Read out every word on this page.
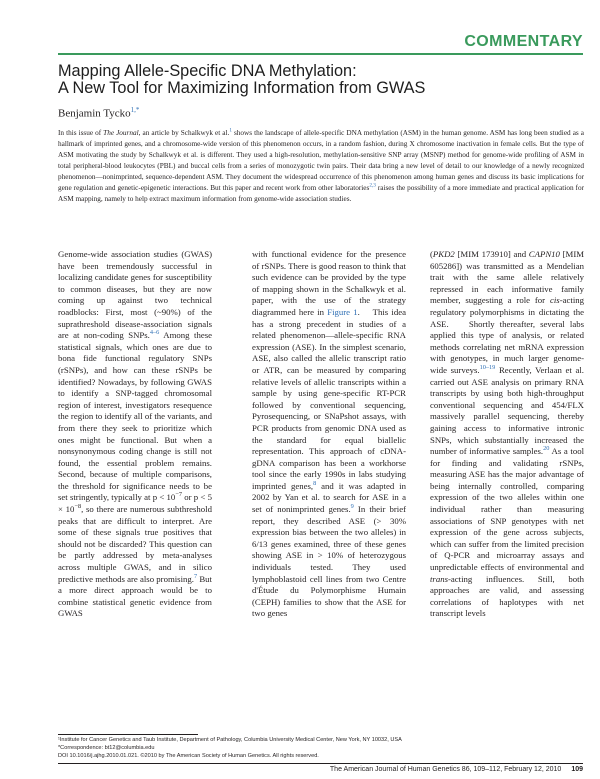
COMMENTARY
Mapping Allele-Specific DNA Methylation:
A New Tool for Maximizing Information from GWAS
Benjamin Tycko$^{1,*}$

In this issue of The Journal, an article by Schalkwyk et al.$^1$ shows the landscape of allele-specific DNA methylation (ASM) in the human genome. ASM has long been studied as a hallmark of imprinted genes, and a chromosome-wide version of this phenomenon occurs, in a random fashion, during X chromosome inactivation in female cells. But the type of ASM motivating the study by Schalkwyk et al. is different. They used a high-resolution, methylation-sensitive SNP array (MSNP) method for genome-wide profiling of ASM in total peripheral-blood leukocytes (PBL) and buccal cells from a series of monozygotic twin pairs. Their data bring a new level of detail to our knowledge of a newly recognized phenomenon—nonimprinted, sequence-dependent ASM. They document the widespread occurrence of this phenomenon among human genes and discuss its basic implications for gene regulation and genetic-epigenetic interactions. But this paper and recent work from other laboratories$^{2,3}$ raises the possibility of a more immediate and practical application for ASM mapping, namely to help extract maximum information from genome-wide association studies.

Genome-wide association studies (GWAS) have been tremendously successful in localizing candidate genes for susceptibility to common diseases, but they are now coming up against two technical roadblocks: First, most (~90%) of the suprathreshold disease-association signals are at non-coding SNPs.$^{4-6}$ Among these statistical signals, which ones are due to bona fide functional regulatory SNPs (rSNPs), and how can these rSNPs be identified? Nowadays, by following GWAS to identify a SNP-tagged chromosomal region of interest, investigators resequence the region to identify all of the variants, and from there they seek to prioritize which ones might be functional. But when a nonsynonymous coding change is still not found, the essential problem remains. Second, because of multiple comparisons, the threshold for significance needs to be set stringently, typically at $p < 10^{-7}$ or $p < 5 \times 10^{-8}$, so there are numerous subthreshold peaks that are difficult to interpret. Are some of these signals true positives that should not be discarded? This question can be partly addressed by meta-analyses across multiple GWAS, and in silico predictive methods are also promising.$^7$ But a more direct approach would be to combine statistical genetic evidence from GWAS

with functional evidence for the presence of rSNPs. There is good reason to think that such evidence can be provided by the type of mapping shown in the Schalkwyk et al. paper, with the use of the strategy diagrammed here in Figure 1.    This idea has a strong precedent in studies of a related phenomenon—allele-specific RNA expression (ASE). In the simplest scenario, ASE, also called the allelic transcript ratio or ATR, can be measured by comparing relative levels of allelic transcripts within a sample by using gene-specific RT-PCR followed by conventional sequencing, Pyrosequencing, or SNaPshot assays, with PCR products from genomic DNA used as the standard for equal biallelic representation. This approach of cDNA-gDNA comparison has been a workhorse tool since the early 1990s in labs studying imprinted genes,$^8$ and it was adapted in 2002 by Yan et al. to search for ASE in a set of nonimprinted genes.$^9$ In their brief report, they described ASE (> 30% expression bias between the two alleles) in 6/13 genes examined, three of these genes showing ASE in > 10% of heterozygous individuals tested. They used lymphoblastoid cell lines from two Centre d'Étude du Polymorphisme Humain (CEPH) families to show that the ASE for two genes

(PKD2 [MIM 173910] and CAPN10 [MIM 605286]) was transmitted as a Mendelian trait with the same allele relatively repressed in each informative family member, suggesting a role for cis-acting regulatory polymorphisms in dictating the ASE.    Shortly thereafter, several labs applied this type of analysis, or related methods correlating net mRNA expression with genotypes, in much larger genome-wide surveys.$^{10-19}$ Recently, Verlaan et al. carried out ASE analysis on primary RNA transcripts by using both high-throughput conventional sequencing and 454/FLX massively parallel sequencing, thereby gaining access to informative intronic SNPs, which substantially increased the number of informative samples.$^{20}$ As a tool for finding and validating rSNPs, measuring ASE has the major advantage of being internally controlled, comparing expression of the two alleles within one individual rather than measuring associations of SNP genotypes with net expression of the gene across subjects, which can suffer from the limited precision of Q-PCR and microarray assays and unpredictable effects of environmental and trans-acting influences. Still, both approaches are valid, and assessing correlations of haplotypes with net transcript levels

¹Institute for Cancer Genetics and Taub Institute, Department of Pathology, Columbia University Medical Center, New York, NY 10032, USA

*Correspondence: bt12@columbia.edu

DOI 10.1016/j.ajhg.2010.01.021. ©2010 by The American Society of Human Genetics. All rights reserved.

The American Journal of Human Genetics 86, 109–112, February 12, 2010 109
